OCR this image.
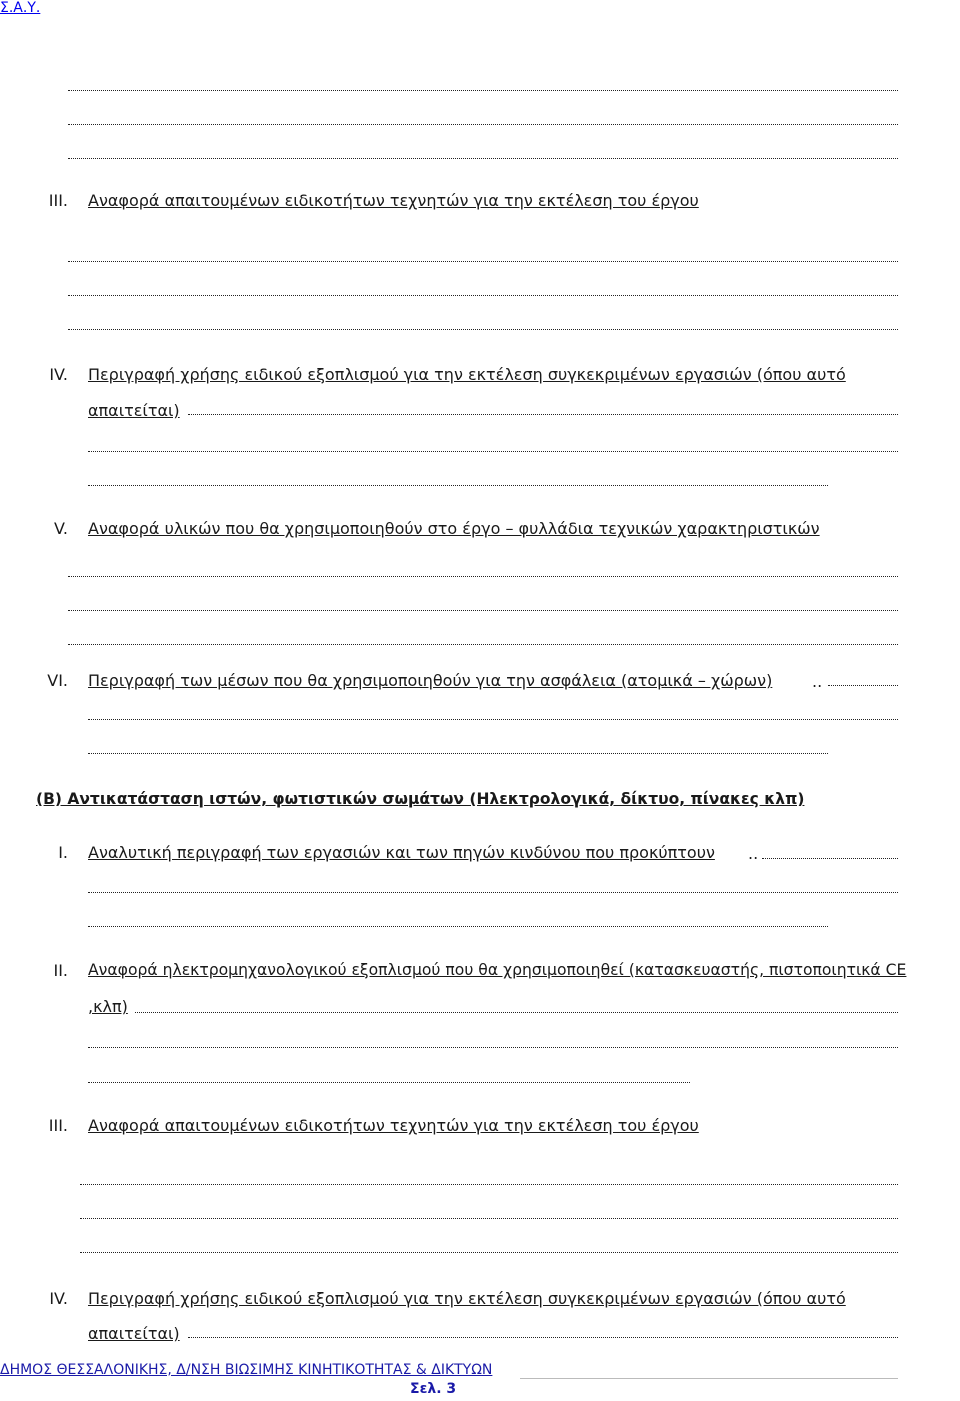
Σ.Α.Υ.
III. Αναφορά απαιτουμένων ειδικοτήτων τεχνητών για την εκτέλεση του έργου
IV. Περιγραφή χρήσης ειδικού εξοπλισμού για την εκτέλεση συγκεκριμένων εργασιών (όπου αυτό
απαιτείται)
V. Αναφορά υλικών που θα χρησιμοποιηθούν στο έργο – φυλλάδια τεχνικών χαρακτηριστικών
VI. Περιγραφή των μέσων που θα χρησιμοποιηθούν για την ασφάλεια (ατομικά – χώρων) ..
(Β) Αντικατάσταση ιστών, φωτιστικών σωμάτων (Ηλεκτρολογικά, δίκτυο, πίνακες κλπ)
I. Αναλυτική περιγραφή των εργασιών και των πηγών κινδύνου που προκύπτουν ..
II. Αναφορά ηλεκτρομηχανολογικού εξοπλισμού που θα χρησιμοποιηθεί (κατασκευαστής, πιστοποιητικά CE
,κλπ)
III. Αναφορά απαιτουμένων ειδικοτήτων τεχνητών για την εκτέλεση του έργου
IV. Περιγραφή χρήσης ειδικού εξοπλισμού για την εκτέλεση συγκεκριμένων εργασιών (όπου αυτό
απαιτείται)
ΔΗΜΟΣ ΘΕΣΣΑΛΟΝΙΚΗΣ, Δ/ΝΣΗ ΒΙΩΣΙΜΗΣ ΚΙΝΗΤΙΚΟΤΗΤΑΣ & ΔΙΚΤΥΩΝ
Σελ. 3
